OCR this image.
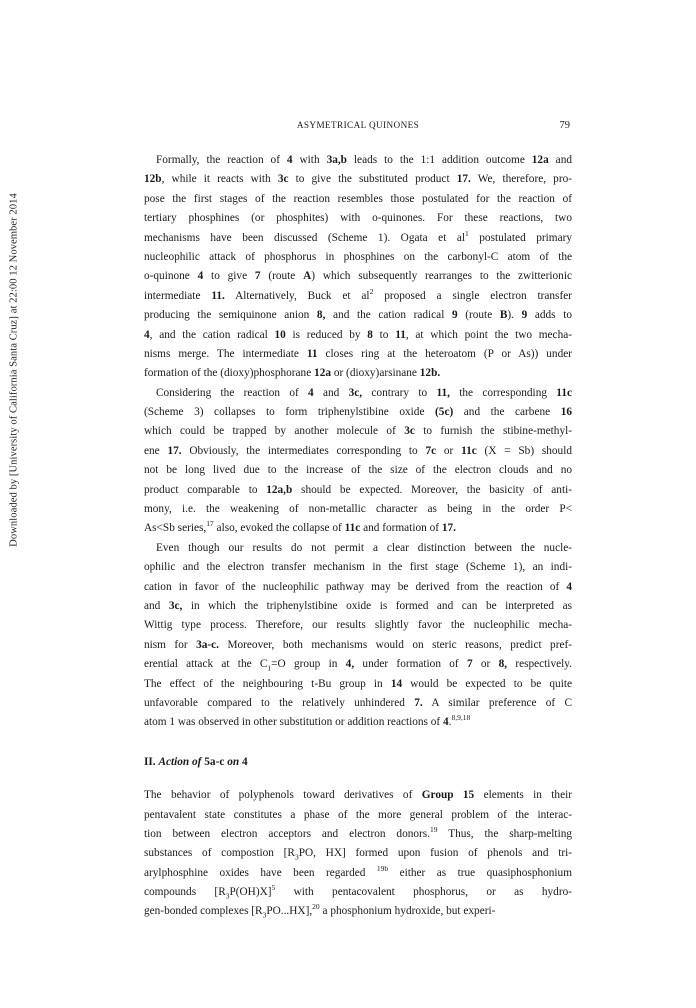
Downloaded by [University of California Santa Cruz] at 22:00 12 November 2014
ASYMETRICAL QUINONES	79
Formally, the reaction of 4 with 3a,b leads to the 1:1 addition outcome 12a and
12b, while it reacts with 3c to give the substituted product 17. We, therefore, pro-
pose the first stages of the reaction resembles those postulated for the reaction of
tertiary phosphines (or phosphites) with o-quinones. For these reactions, two
mechanisms have been discussed (Scheme 1). Ogata et $al^1$ postulated primary
nucleophilic attack of phosphorus in phosphines on the carbonyl-C atom of the
o-quinone 4 to give 7 (route A) which subsequently rearranges to the zwitterionic
intermediate 11. Alternatively, Buck et $al^2$ proposed a single electron transfer
producing the semiquinone anion 8, and the cation radical 9 (route B). 9 adds to
4, and the cation radical 10 is reduced by 8 to 11, at which point the two mecha-
nisms merge. The intermediate 11 closes ring at the heteroatom (P or As)) under
formation of the (dioxy)phosphorane 12a or (dioxy)arsinane 12b.
Considering the reaction of 4 and 3c, contrary to 11, the corresponding 11c
(Scheme 3) collapses to form triphenylstibine oxide (5c) and the carbene 16
which could be trapped by another molecule of 3c to furnish the stibine-methyl-
ene 17. Obviously, the intermediates corresponding to 7c or 11c (X = Sb) should
not be long lived due to the increase of the size of the electron clouds and no
product comparable to 12a,b should be expected. Moreover, the basicity of anti-
mony, i.e. the weakening of non-metallic character as being in the order P<
As<Sb series,$^{17}$ also, evoked the collapse of 11c and formation of 17.
Even though our results do not permit a clear distinction between the nucle-
ophilic and the electron transfer mechanism in the first stage (Scheme 1), an indi-
cation in favor of the nucleophilic pathway may be derived from the reaction of 4
and 3c, in which the triphenylstibine oxide is formed and can be interpreted as
Wittig type process. Therefore, our results slightly favor the nucleophilic mecha-
nism for 3a-c. Moreover, both mechanisms would on steric reasons, predict pref-
erential attack at the $C_1=O$ group in 4, under formation of 7 or 8, respectively.
The effect of the neighbouring t-Bu group in 14 would be expected to be quite
unfavorable compared to the relatively unhindered 7. A similar preference of C
atom 1 was observed in other substitution or addition reactions of 4.$^{8,9,18}$
II. Action of 5a-c on 4
The behavior of polyphenols toward derivatives of Group 15 elements in their
pentavalent state constitutes a phase of the more general problem of the interac-
tion between electron acceptors and electron donors.$^{19}$ Thus, the sharp-melting
substances of compostion [$R_3PO$, HX] formed upon fusion of phenols and tri-
arylphosphine oxides have been regarded $^{19b}$ either as true quasiphosphonium
compounds $[R_3P(OH)X]^5$ with pentacovalent phosphorus, or as hydro-
gen-bonded complexes $[R_3PO...HX],^{20}$ a phosphonium hydroxide, but experi-
